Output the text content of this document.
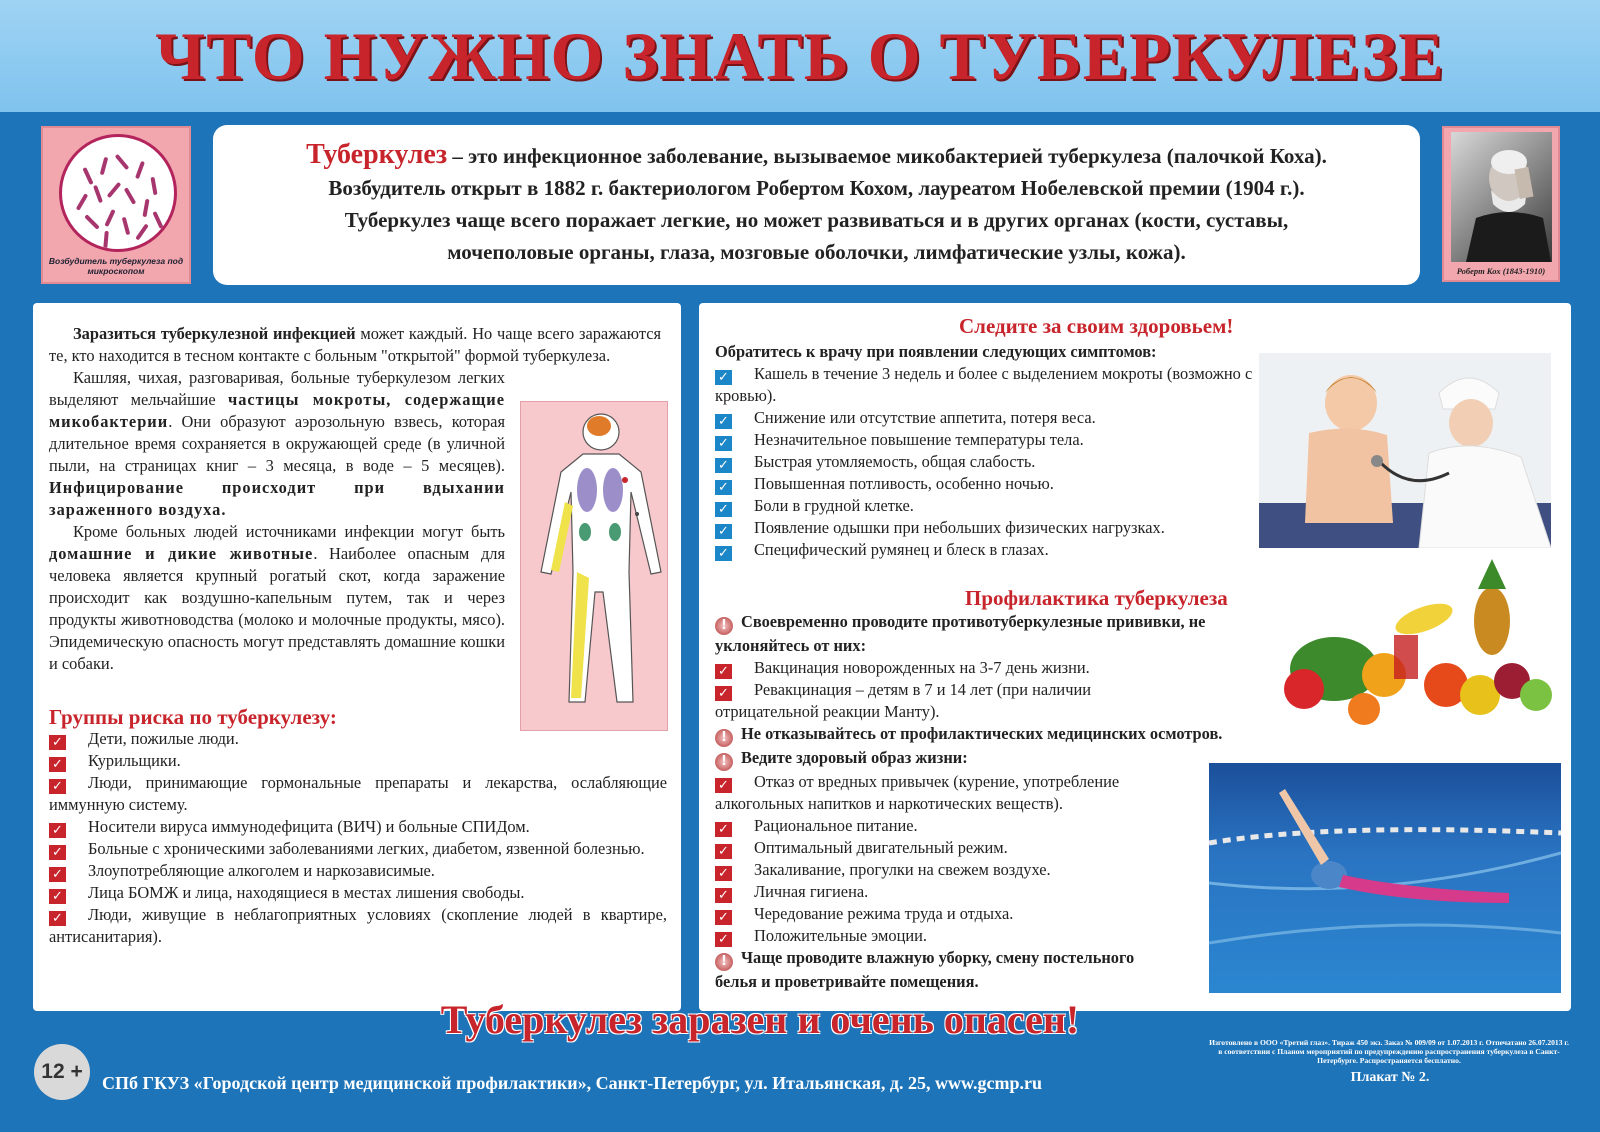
ЧТО НУЖНО ЗНАТЬ О ТУБЕРКУЛЕЗЕ
Возбудитель туберкулеза под микроскопом
Туберкулез – это инфекционное заболевание, вызываемое микобактерией туберкулеза (палочкой Коха).
Возбудитель открыт в 1882 г. бактериологом Робертом Кохом, лауреатом Нобелевской премии (1904 г.).
Туберкулез чаще всего поражает легкие, но может развиваться и в других органах (кости, суставы,
мочеполовые органы, глаза, мозговые оболочки, лимфатические узлы, кожа).
Роберт Кох (1843-1910)

Заразиться туберкулезной инфекцией может каждый. Но чаще всего заражаются те, кто находится в тесном контакте с больным "открытой" формой туберкулеза.

Кашляя, чихая, разговаривая, больные туберкулезом легких выделяют мельчайшие частицы мокроты, содержащие микобактерии. Они образуют аэрозольную взвесь, которая длительное время сохраняется в окружающей среде (в уличной пыли, на страницах книг – 3 месяца, в воде – 5 месяцев). Инфицирование происходит при вдыхании зараженного воздуха.

Кроме больных людей источниками инфекции могут быть домашние и дикие животные. Наиболее опасным для человека является крупный рогатый скот, когда заражение происходит как воздушно-капельным путем, так и через продукты животноводства (молоко и молочные продукты, мясо). Эпидемическую опасность могут представлять домашние кошки и собаки.

Группы риска по туберкулезу:
✓ Дети, пожилые люди.
✓ Курильщики.
✓ Люди, принимающие гормональные препараты и лекарства, ослабляющие иммунную систему.
✓ Носители вируса иммунодефицита (ВИЧ) и больные СПИДом.
✓ Больные с хроническими заболеваниями легких, диабетом, язвенной болезнью.
✓ Злоупотребляющие алкоголем и наркозависимые.
✓ Лица БОМЖ и лица, находящиеся в местах лишения свободы.
✓ Люди, живущие в неблагоприятных условиях (скопление людей в квартире, антисанитария).
Следите за своим здоровьем!
Обратитесь к врачу при появлении следующих симптомов:
✓ Кашель в течение 3 недель и более с выделением мокроты (возможно с кровью).
✓ Снижение или отсутствие аппетита, потеря веса.
✓ Незначительное повышение температуры тела.
✓ Быстрая утомляемость, общая слабость.
✓ Повышенная потливость, особенно ночью.
✓ Боли в грудной клетке.
✓ Появление одышки при небольших физических нагрузках.
✓ Специфический румянец и блеск в глазах.
Профилактика туберкулеза
! Своевременно проводите противотуберкулезные прививки, не уклоняйтесь от них:
✓ Вакцинация новорожденных на 3-7 день жизни.
✓ Ревакцинация – детям в 7 и 14 лет (при наличии отрицательной реакции Манту).
! Не отказывайтесь от профилактических медицинских осмотров.
! Ведите здоровый образ жизни:
✓ Отказ от вредных привычек (курение, употребление алкогольных напитков и наркотических веществ).
✓ Рациональное питание.
✓ Оптимальный двигательный режим.
✓ Закаливание, прогулки на свежем воздухе.
✓ Личная гигиена.
✓ Чередование режима труда и отдыха.
✓ Положительные эмоции.
! Чаще проводите влажную уборку, смену постельного белья и проветривайте помещения.
Туберкулез заразен и очень опасен!
12 +	СПб ГКУЗ «Городской центр медицинской профилактики», Санкт-Петербург, ул. Итальянская, д. 25, www.gcmp.ru
Изготовлено в ООО «Третий глаз». Тираж 450 экз. Заказ № 009/09 от 1.07.2013 г. Отпечатано 26.07.2013 г. в соответствии с Планом мероприятий по предупреждению распространения туберкулеза в Санкт-Петербурге. Распространяется бесплатно.
Плакат № 2.
